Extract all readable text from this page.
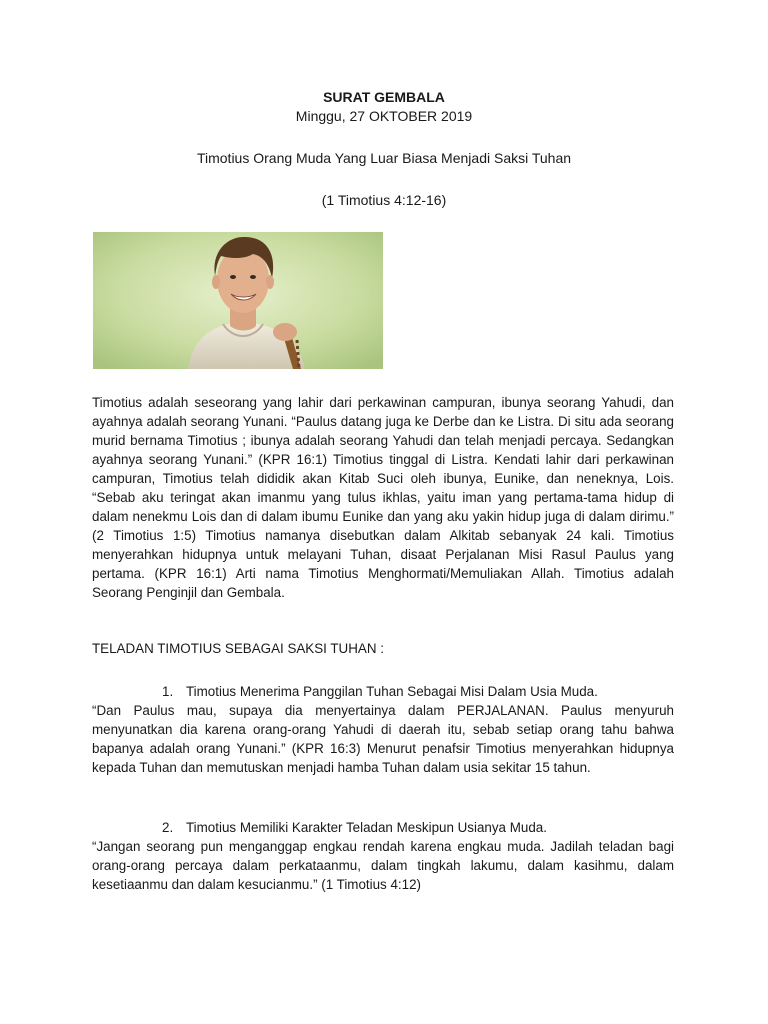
SURAT GEMBALA
Minggu, 27 OKTOBER 2019
Timotius Orang Muda Yang Luar Biasa Menjadi Saksi Tuhan
(1 Timotius 4:12-16)

Timotius adalah seseorang yang lahir dari perkawinan campuran, ibunya seorang Yahudi, dan ayahnya adalah seorang Yunani. “Paulus datang juga ke Derbe dan ke Listra. Di situ ada seorang murid bernama Timotius ; ibunya adalah seorang Yahudi dan telah menjadi percaya. Sedangkan ayahnya seorang Yunani.” (KPR 16:1) Timotius tinggal di Listra. Kendati lahir dari perkawinan campuran, Timotius telah dididik akan Kitab Suci oleh ibunya, Eunike, dan neneknya, Lois. “Sebab aku teringat akan imanmu yang tulus ikhlas, yaitu iman yang pertama-tama hidup di dalam nenekmu Lois dan di dalam ibumu Eunike dan yang aku yakin hidup juga di dalam dirimu.” (2 Timotius 1:5) Timotius namanya disebutkan dalam Alkitab sebanyak 24 kali. Timotius menyerahkan hidupnya untuk melayani Tuhan, disaat Perjalanan Misi Rasul Paulus yang pertama. (KPR 16:1) Arti nama Timotius Menghormati/Memuliakan Allah. Timotius adalah Seorang Penginjil dan Gembala.

TELADAN TIMOTIUS SEBAGAI SAKSI TUHAN :

1. Timotius Menerima Panggilan Tuhan Sebagai Misi Dalam Usia Muda.

“Dan Paulus mau, supaya dia menyertainya dalam PERJALANAN. Paulus menyuruh menyunatkan dia karena orang-orang Yahudi di daerah itu, sebab setiap orang tahu bahwa bapanya adalah orang Yunani.” (KPR 16:3) Menurut penafsir Timotius menyerahkan hidupnya kepada Tuhan dan memutuskan menjadi hamba Tuhan dalam usia sekitar 15 tahun.

2. Timotius Memiliki Karakter Teladan Meskipun Usianya Muda.

“Jangan seorang pun menganggap engkau rendah karena engkau muda. Jadilah teladan bagi orang-orang percaya dalam perkataanmu, dalam tingkah lakumu, dalam kasihmu, dalam kesetiaanmu dan dalam kesucianmu.” (1 Timotius 4:12)
